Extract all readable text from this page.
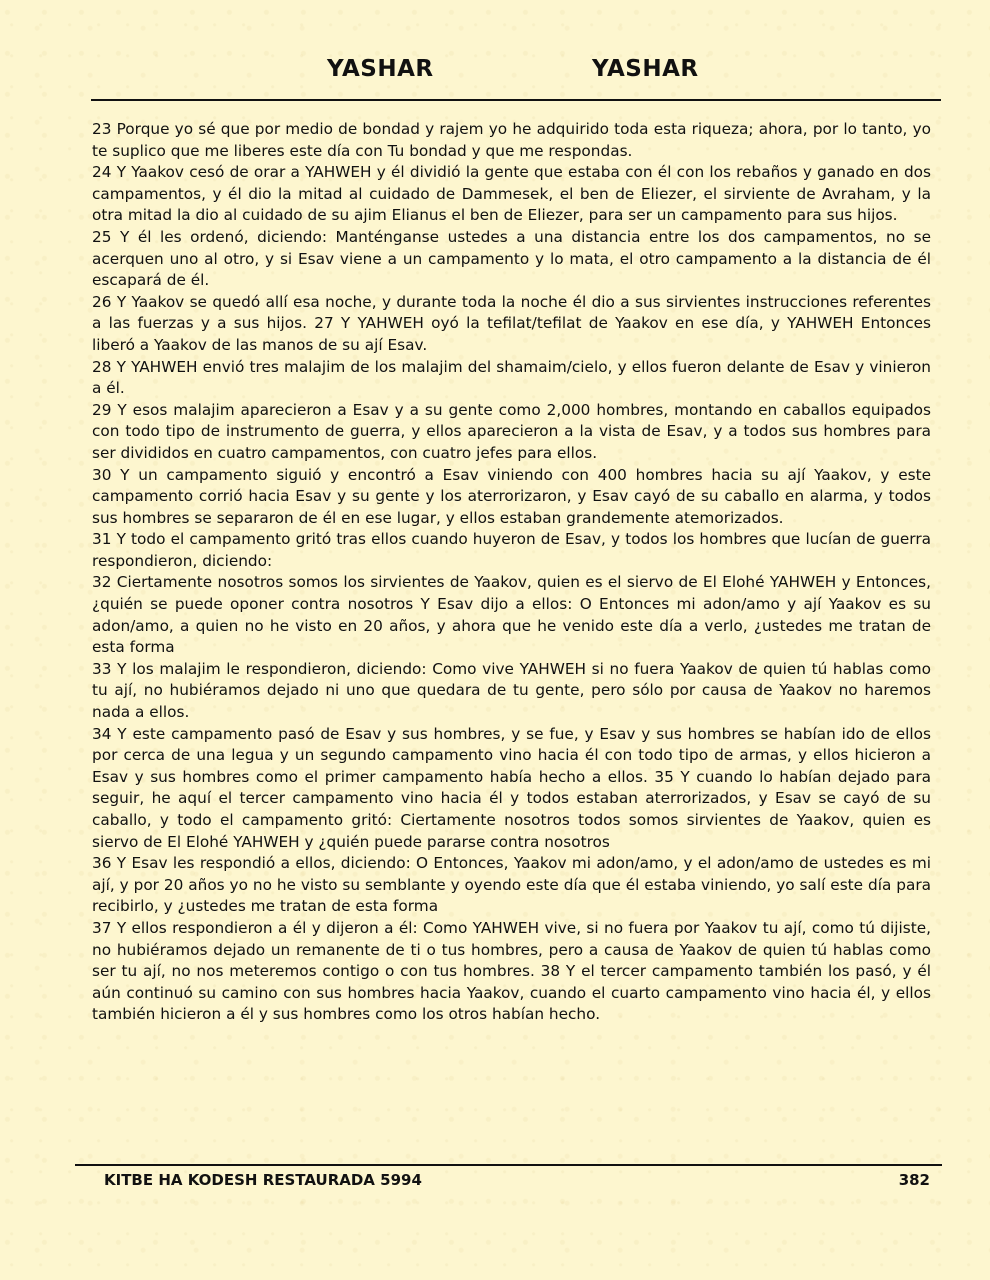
YASHAR	YASHAR

23 Porque yo sé que por medio de bondad y rajem yo he adquirido toda esta riqueza; ahora, por lo tanto, yo te suplico que me liberes este día con Tu bondad y que me respondas.

24 Y Yaakov cesó de orar a YAHWEH y él dividió la gente que estaba con él con los rebaños y ganado en dos campamentos, y él dio la mitad al cuidado de Dammesek, el ben de Eliezer, el sirviente de Avraham, y la otra mitad la dio al cuidado de su ajim Elianus el ben de Eliezer, para ser un campamento para sus hijos.

25 Y él les ordenó, diciendo: Manténganse ustedes a una distancia entre los dos campamentos, no se acerquen uno al otro, y si Esav viene a un campamento y lo mata, el otro campamento a la distancia de él escapará de él.

26 Y Yaakov se quedó allí esa noche, y durante toda la noche él dio a sus sirvientes instrucciones referentes a las fuerzas y a sus hijos. 27 Y YAHWEH oyó la tefilat/tefilat de Yaakov en ese día, y YAHWEH Entonces liberó a Yaakov de las manos de su ají Esav.

28 Y YAHWEH envió tres malajim de los malajim del shamaim/cielo, y ellos fueron delante de Esav y vinieron a él.

29 Y esos malajim aparecieron a Esav y a su gente como 2,000 hombres, montando en caballos equipados con todo tipo de instrumento de guerra, y ellos aparecieron a la vista de Esav, y a todos sus hombres para ser divididos en cuatro campamentos, con cuatro jefes para ellos.

30 Y un campamento siguió y encontró a Esav viniendo con 400 hombres hacia su ají Yaakov, y este campamento corrió hacia Esav y su gente y los aterrorizaron, y Esav cayó de su caballo en alarma, y todos sus hombres se separaron de él en ese lugar, y ellos estaban grandemente atemorizados.

31 Y todo el campamento gritó tras ellos cuando huyeron de Esav, y todos los hombres que lucían de guerra respondieron, diciendo:

32 Ciertamente nosotros somos los sirvientes de Yaakov, quien es el siervo de El Elohé YAHWEH y Entonces, ¿quién se puede oponer contra nosotros Y Esav dijo a ellos: O Entonces mi adon/amo y ají Yaakov es su adon/amo, a quien no he visto en 20 años, y ahora que he venido este día a verlo, ¿ustedes me tratan de esta forma

33 Y los malajim le respondieron, diciendo: Como vive YAHWEH si no fuera Yaakov de quien tú hablas como tu ají, no hubiéramos dejado ni uno que quedara de tu gente, pero sólo por causa de Yaakov no haremos nada a ellos.

34 Y este campamento pasó de Esav y sus hombres, y se fue, y Esav y sus hombres se habían ido de ellos por cerca de una legua y un segundo campamento vino hacia él con todo tipo de armas, y ellos hicieron a Esav y sus hombres como el primer campamento había hecho a ellos. 35 Y cuando lo habían dejado para seguir, he aquí el tercer campamento vino hacia él y todos estaban aterrorizados, y Esav se cayó de su caballo, y todo el campamento gritó: Ciertamente nosotros todos somos sirvientes de Yaakov, quien es siervo de El Elohé YAHWEH y ¿quién puede pararse contra nosotros

36 Y Esav les respondió a ellos, diciendo: O Entonces, Yaakov mi adon/amo, y el adon/amo de ustedes es mi ají, y por 20 años yo no he visto su semblante y oyendo este día que él estaba viniendo, yo salí este día para recibirlo, y ¿ustedes me tratan de esta forma

37 Y ellos respondieron a él y dijeron a él: Como YAHWEH vive, si no fuera por Yaakov tu ají, como tú dijiste, no hubiéramos dejado un remanente de ti o tus hombres, pero a causa de Yaakov de quien tú hablas como ser tu ají, no nos meteremos contigo o con tus hombres. 38 Y el tercer campamento también los pasó, y él aún continuó su camino con sus hombres hacia Yaakov, cuando el cuarto campamento vino hacia él, y ellos también hicieron a él y sus hombres como los otros habían hecho.

KITBE HA KODESH RESTAURADA 5994	382
